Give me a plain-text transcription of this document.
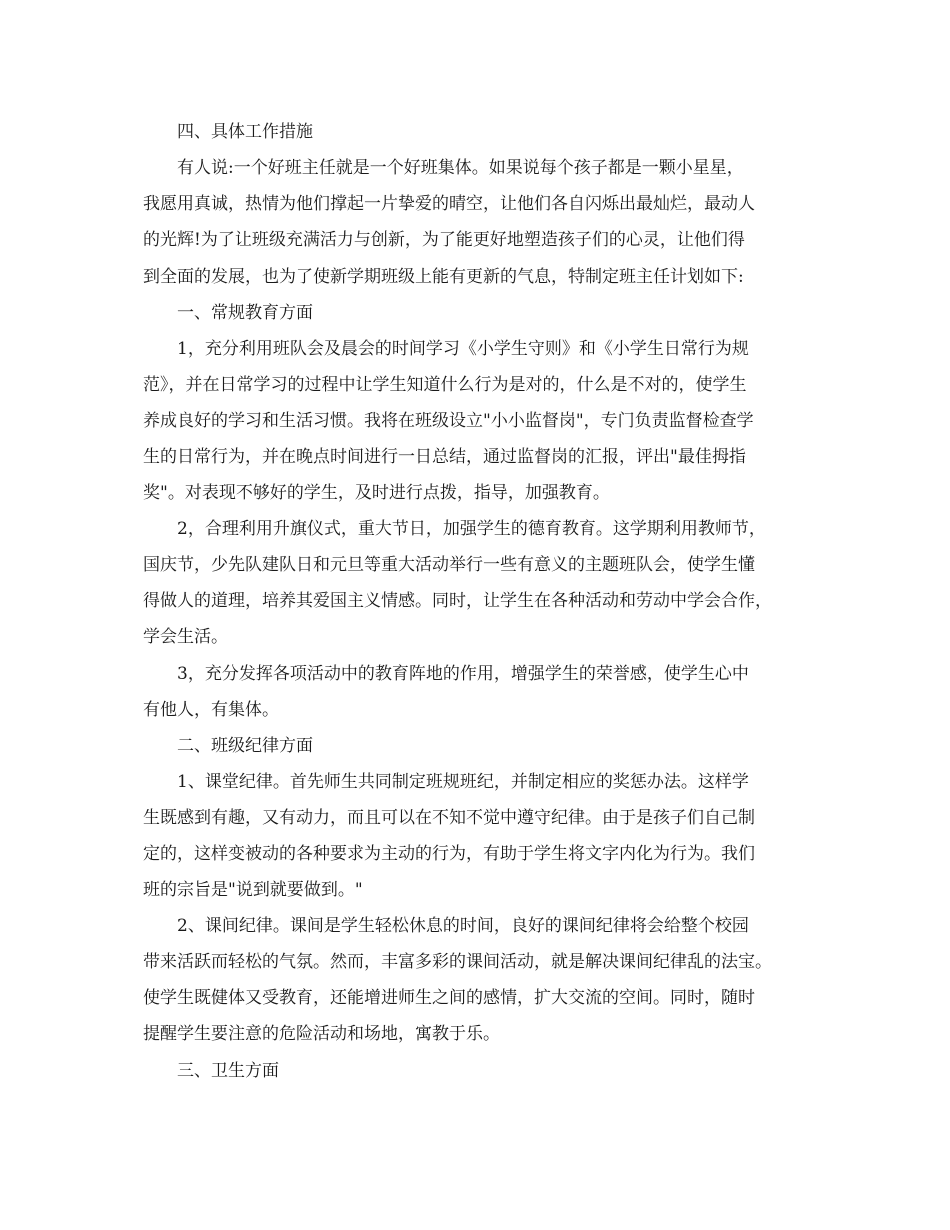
四、具体工作措施
有人说:一个好班主任就是一个好班集体。如果说每个孩子都是一颗小星星，
我愿用真诚，热情为他们撑起一片挚爱的晴空，让他们各自闪烁出最灿烂，最动人
的光辉!为了让班级充满活力与创新，为了能更好地塑造孩子们的心灵，让他们得
到全面的发展，也为了使新学期班级上能有更新的气息，特制定班主任计划如下:
一、常规教育方面
1，充分利用班队会及晨会的时间学习《小学生守则》和《小学生日常行为规
范》，并在日常学习的过程中让学生知道什么行为是对的，什么是不对的，使学生
养成良好的学习和生活习惯。我将在班级设立"小小监督岗"，专门负责监督检查学
生的日常行为，并在晚点时间进行一日总结，通过监督岗的汇报，评出"最佳拇指
奖"。对表现不够好的学生，及时进行点拨，指导，加强教育。
2，合理利用升旗仪式，重大节日，加强学生的德育教育。这学期利用教师节，
国庆节，少先队建队日和元旦等重大活动举行一些有意义的主题班队会，使学生懂
得做人的道理，培养其爱国主义情感。同时，让学生在各种活动和劳动中学会合作，
学会生活。
3，充分发挥各项活动中的教育阵地的作用，增强学生的荣誉感，使学生心中
有他人，有集体。
二、班级纪律方面
1、课堂纪律。首先师生共同制定班规班纪，并制定相应的奖惩办法。这样学
生既感到有趣，又有动力，而且可以在不知不觉中遵守纪律。由于是孩子们自己制
定的，这样变被动的各种要求为主动的行为，有助于学生将文字内化为行为。我们
班的宗旨是"说到就要做到。"
2、课间纪律。课间是学生轻松休息的时间，良好的课间纪律将会给整个校园
带来活跃而轻松的气氛。然而，丰富多彩的课间活动，就是解决课间纪律乱的法宝。
使学生既健体又受教育，还能增进师生之间的感情，扩大交流的空间。同时，随时
提醒学生要注意的危险活动和场地，寓教于乐。
三、卫生方面
